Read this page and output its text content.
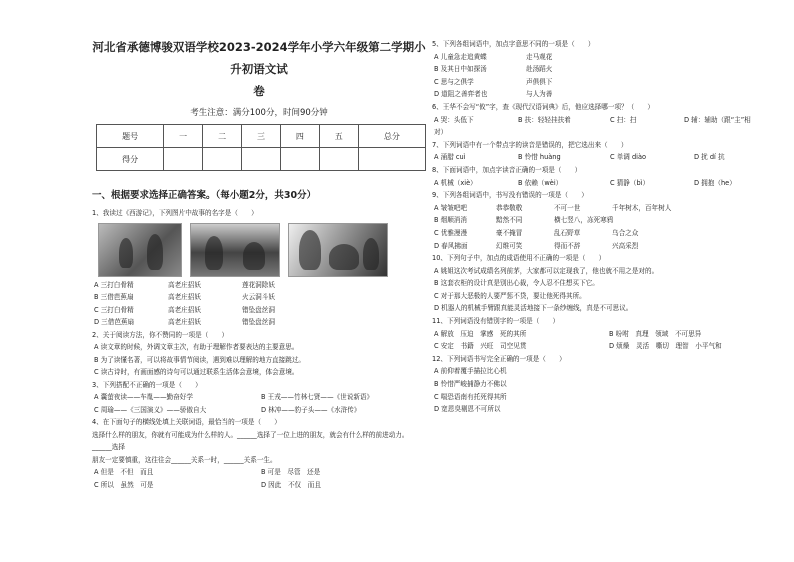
河北省承德博骏双语学校2023-2024学年小学六年级第二学期小升初语文试
卷
考生注意：满分100分，时间90分钟
题号	一	二	三	四	五	总分
得分						
一、根据要求选择正确答案。（每小题2分，共30分）
1、我读过《西游记》，下列图片中故事的名字是（　　）
A 三打白骨精	高老庄招妖	莲花洞除妖
B 三借芭蕉扇	高老庄招妖	火云洞斗妖
C 三打白骨精	高老庄招妖	错坠盘丝洞
D 三借芭蕉扇	高老庄招妖	错坠盘丝洞
2、关于阅读方法，你不赞同的一项是（　　）
A 读文章的时候，外调文章主次，有助于理解作者要表达的主要意思。
B 为了读懂名著，可以将故事情节阅读，遇到难以理解的地方直接跳过。
C 读古诗时，有画面感的诗句可以通过联系生活体会意境，体会意境。
3、下列搭配不正确的一项是（　　）
A 囊萤夜读——车胤——勤奋好学	B 王戎——竹林七贤——《世说新语》
C 周瑜——《三国演义》——骄傲自大	D 林冲——豹子头——《水浒传》
4、在下面句子的横线处填上关联词语，最恰当的一项是（　　）
选择什么样的朋友，你就有可能成为什么样的人。______选择了一位上进的朋友，就会有什么样的前进动力。______选择
朋友一定要慎重，这往往会______关系一时，______关系一生。
A 但是　不但　而且	B 可是　尽管　还是
C 所以　虽然　可是	D 因此　不仅　而且
5、下列各组词语中，加点字意思不同的一项是（　　）
A 儿童急走追黄蝶	走马观花
B 及其日中如探汤	赴汤蹈火
C 思与之俱学	声俱俱下
D 道阻之善弈者也	与人为善
6、王华不会写“攸”字，查《现代汉语词典》后，他应选择哪一项？（　　）
A 哭：头低下	B 扶：轻轻挂扶着	C 扫：扫	D 辅：辅助（跟“主”相
对）
7、下列词语中有一个带点字的读音是错误的，把它选出来（　　）
A 涌腊 cuì	B 怜惜 huàng	C 单调 diào	D 扰 dí 抗
8、下面词语中，加点字读音正确的一项是（　　）
A 机械（xiè）	B 依赖（wèi）	C 猜静（bì）	D 拥抱（he）
9、下列各组词语中，书写没有错误的一项是（　　）
A 皱皱吧吧	恭恭敬敬	不可一世	千年树木，百年树人
B 烟顺消消	黯然不同	横七竖八，冻死寒鸦
C 优雅漫漫	豪不掩冒	乱石野草	乌合之众
D 春风拂面	幻维可笑	得而不辞	兴高采烈
10、下列句子中，加点的成语使用不正确的一项是（　　）
A 姚姐这次考试成绩名列前茅，大家都可以定现我了，他也就不用之是对的。
B 这套衣柜的设计真是别出心裁，令人忍不住想买下它。
C 对于那大恶极的人要严惩不贷，要让他死得其所。
D 机器人的机械手臂跟真能灵活地接下一条纱缠线，真是不可思议。
11、下列词语没有错别字的一项是（　　）
A 解放　压迫　掌感　死的其所	B 吩咐　真理　领域　不可思异
C 安定　书籍　兴旺　司空见贯	D 烦燥　灵活　嘶切　理智　小平气和
12、下列词语书写完全正确的一项是（　　）
A 前仰着覆手描拉比心机
B 怜惜严峻捕静力不佛以
C 喘恐语南有托死得其所
D 宽恩臭剔恩不可所以
